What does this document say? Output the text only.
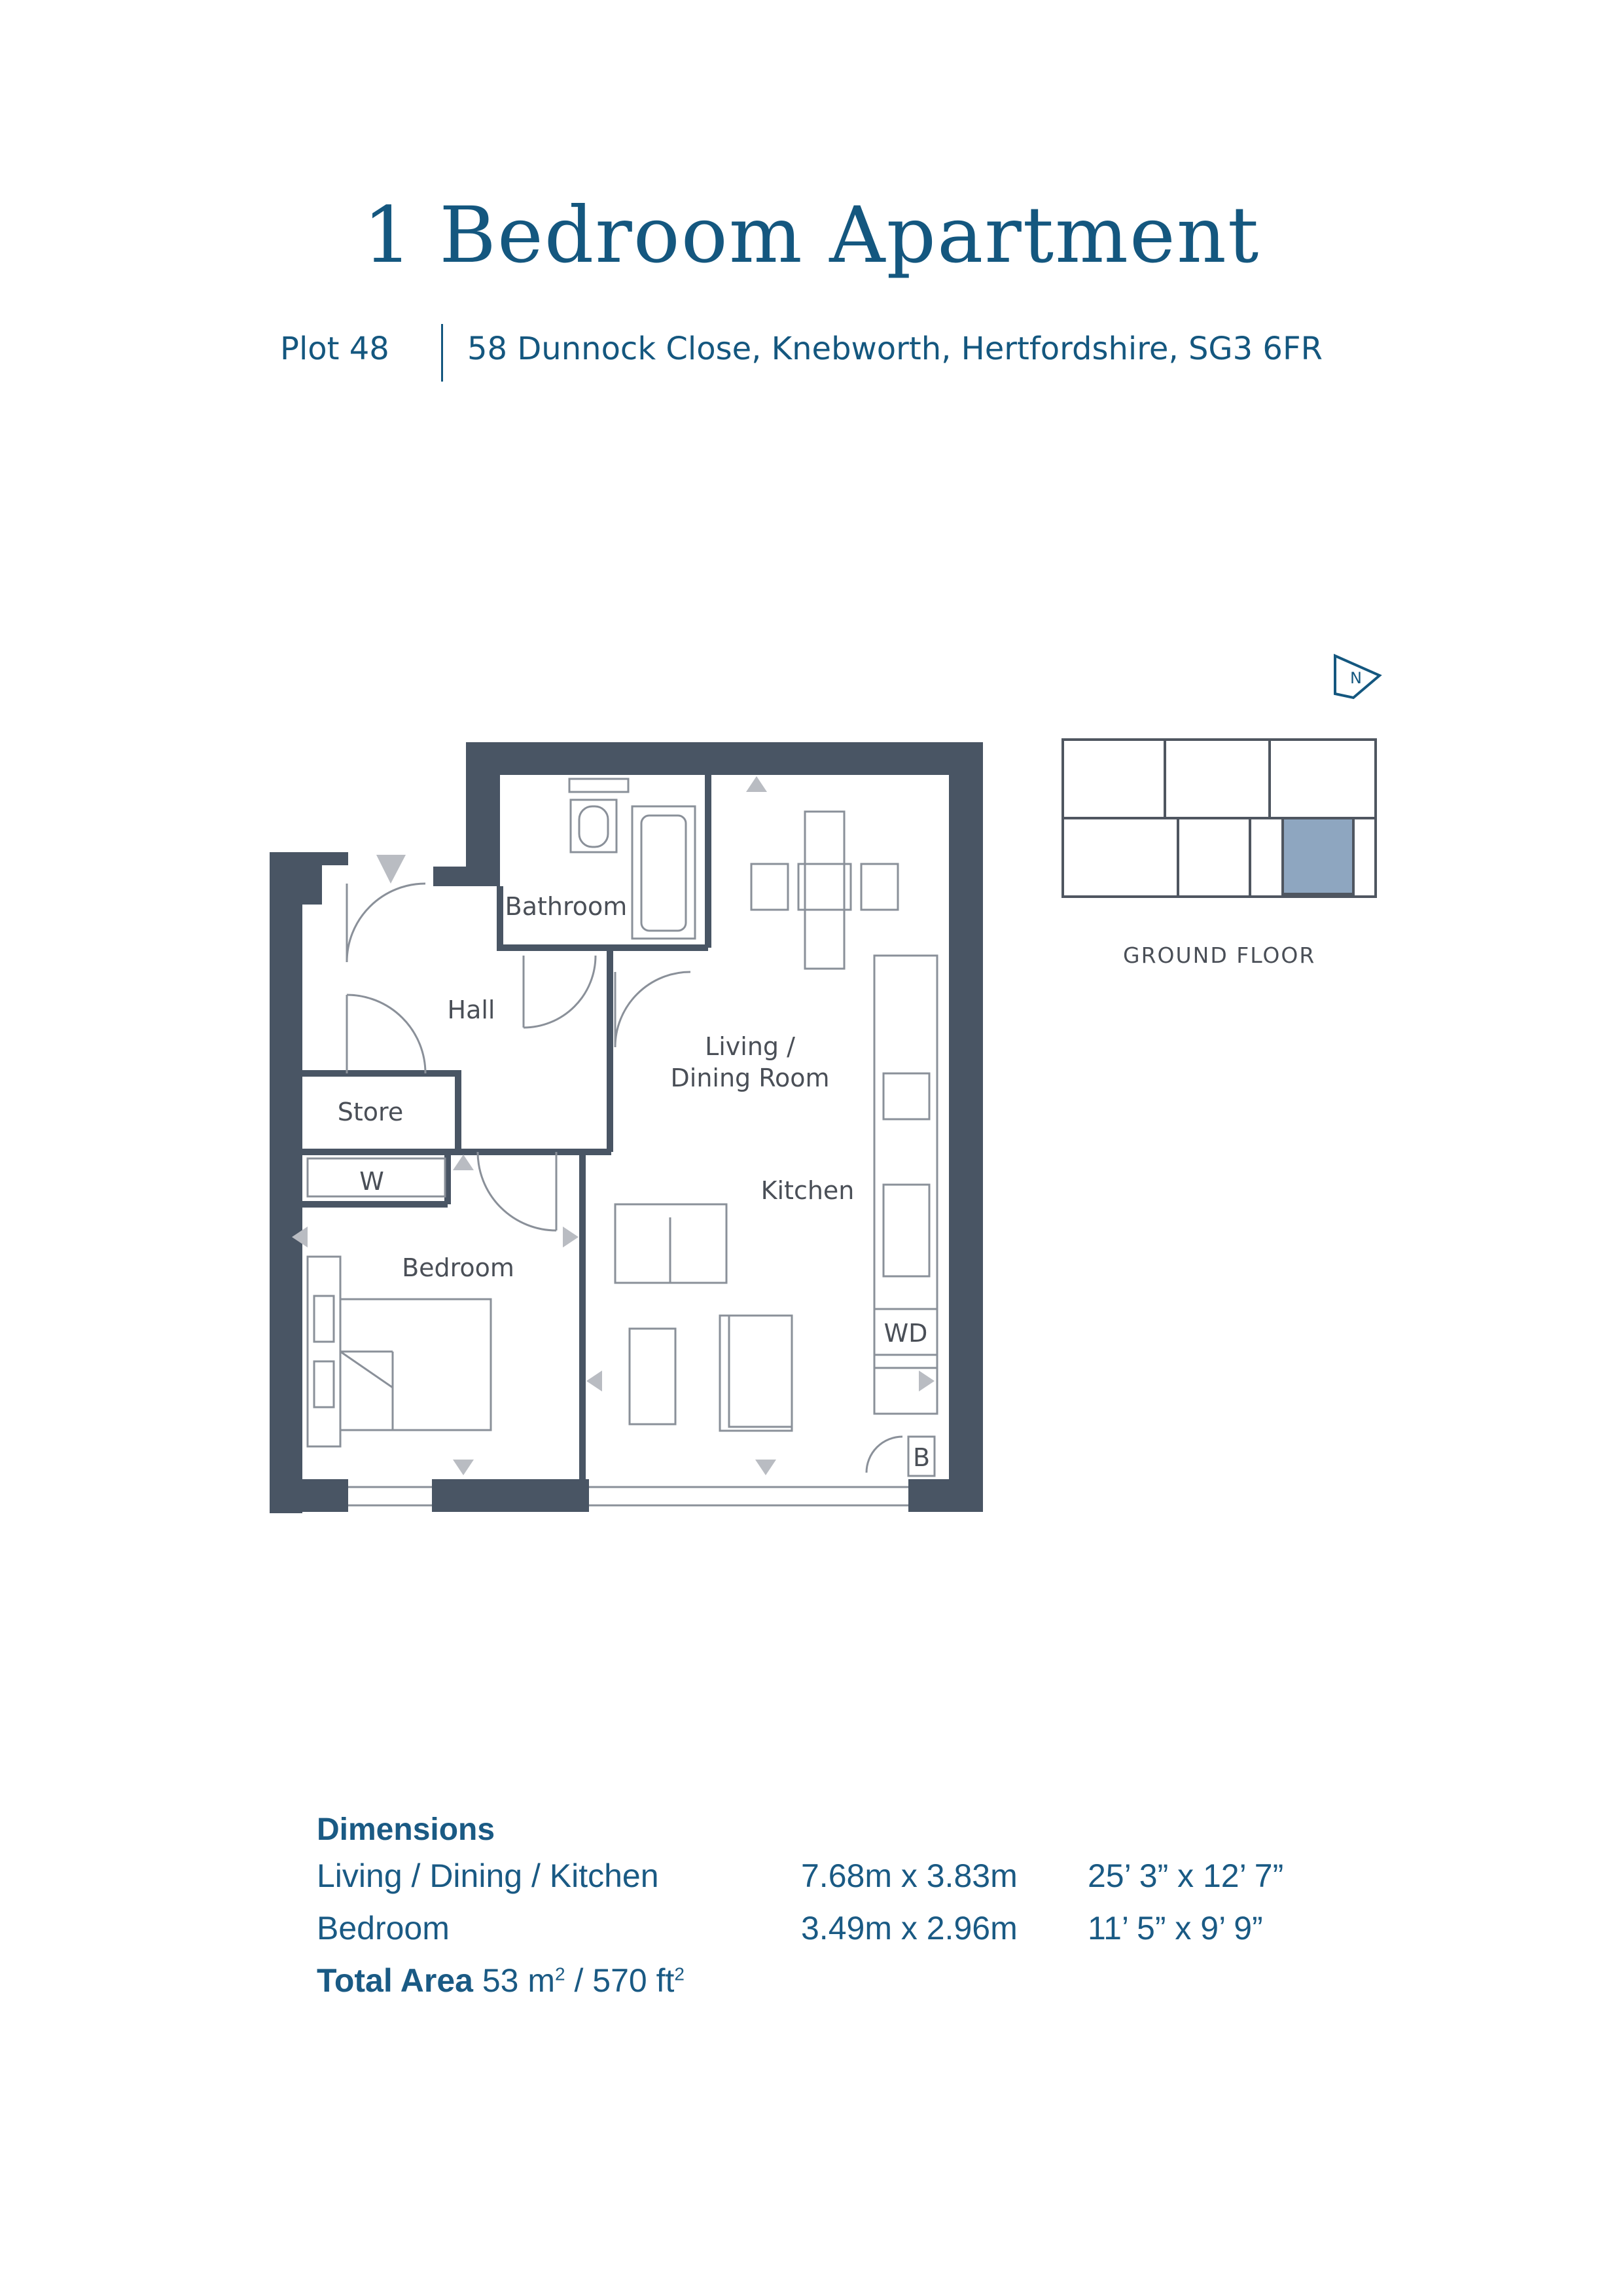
1 Bedroom Apartment
Plot 48 58 Dunnock Close, Knebworth, Hertfordshire, SG3 6FR
Bathroom
Hall
Store
W
Bedroom
Living /
Dining Room
Kitchen
WD
B
N
GROUND FLOOR
Dimensions
Living / Dining / Kitchen	7.68m x 3.83m 25’ 3” x 12’ 7”
Bedroom	3.49m x 2.96m 11’ 5” x 9’ 9”
Total Area 53 $m^2 / 570$ $ft^2$
